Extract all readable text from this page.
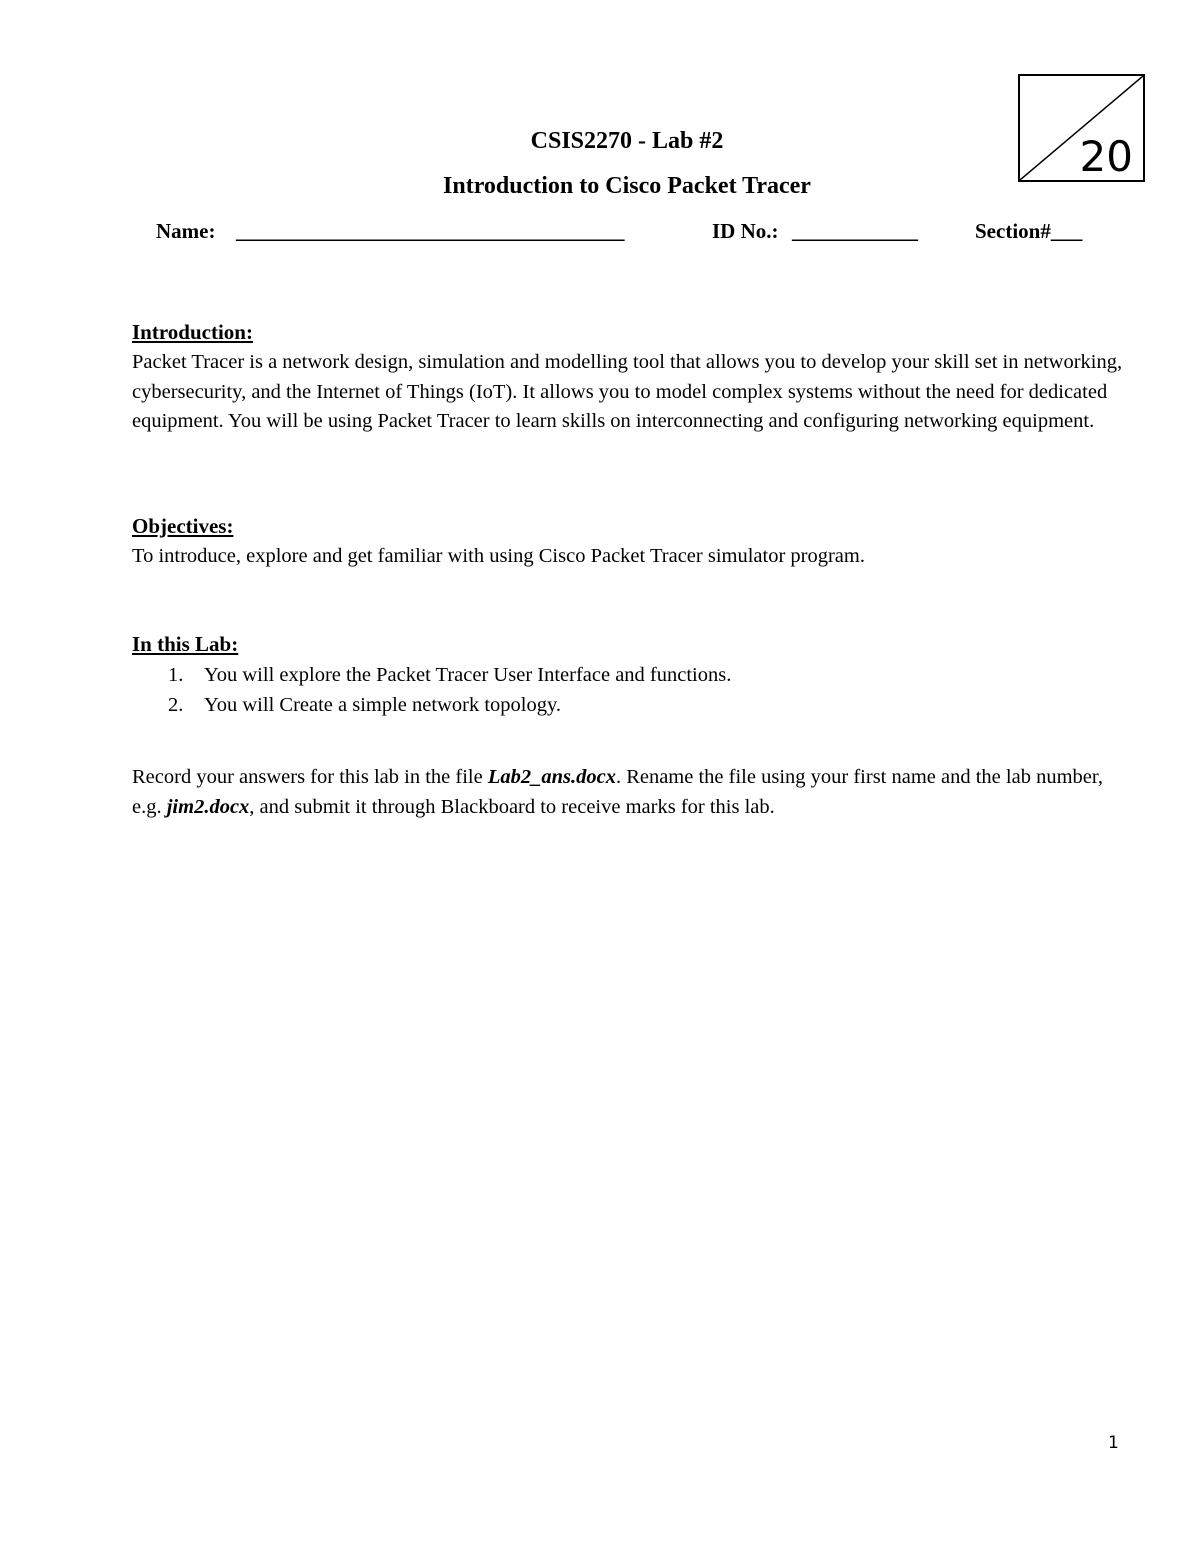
20
CSIS2270 - Lab #2
Introduction to Cisco Packet Tracer
Name: _____________________________________	ID No.: ____________	Section#___
Introduction:
Packet Tracer is a network design, simulation and modelling tool that allows you to develop your skill set in networking, cybersecurity, and the Internet of Things (IoT). It allows you to model complex systems without the need for dedicated equipment. You will be using Packet Tracer to learn skills on interconnecting and configuring networking equipment.
Objectives:
To introduce, explore and get familiar with using Cisco Packet Tracer simulator program.
In this Lab:
1. You will explore the Packet Tracer User Interface and functions.
2. You will Create a simple network topology.
Record your answers for this lab in the file Lab2_ans.docx. Rename the file using your first name and the lab number, e.g. jim2.docx, and submit it through Blackboard to receive marks for this lab.
1
